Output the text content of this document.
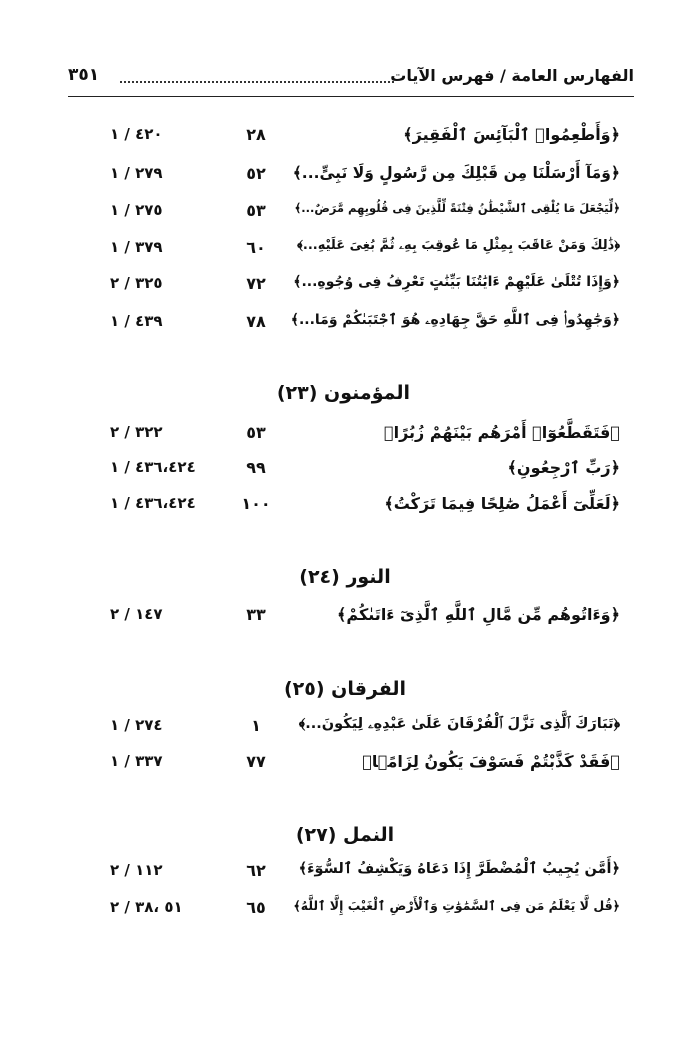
الفهارس العامة / فهرس الآيات
٣٥١
﴿وَأَطْعِمُوا۟ ٱلْبَآئِسَ ٱلْفَقِيرَ﴾
٢٨
٤٢٠ / ١
﴿وَمَآ أَرْسَلْنَا مِن قَبْلِكَ مِن رَّسُولٍ وَلَا نَبِىٍّ...﴾
٥٢
٢٧٩ / ١
﴿لِّيَجْعَلَ مَا يُلْقِى ٱلشَّيْطَٰنُ فِتْنَةً لِّلَّذِينَ فِى قُلُوبِهِم مَّرَضٌ...﴾
٥٣
٢٧٥ / ١
﴿ذَٰلِكَ وَمَنْ عَاقَبَ بِمِثْلِ مَا عُوقِبَ بِهِۦ ثُمَّ بُغِىَ عَلَيْهِ...﴾
٦٠
٣٧٩ / ١
﴿وَإِذَا تُتْلَىٰ عَلَيْهِمْ ءَايَٰتُنَا بَيِّنَٰتٍ تَعْرِفُ فِى وُجُوهِ...﴾
٧٢
٣٢٥ / ٢
﴿وَجَٰهِدُوا۟ فِى ٱللَّهِ حَقَّ جِهَادِهِۦ هُوَ ٱجْتَبَىٰكُمْ وَمَا...﴾
٧٨
٤٣٩ / ١
المؤمنون (٢٣)
﴿فَتَقَطَّعُوٓا۟ أَمْرَهُم بَيْنَهُمْ زُبُرًا﴾
٥٣
٣٢٢ / ٢
﴿رَبِّ ٱرْجِعُونِ﴾
٩٩
٤٣٦،٤٢٤ / ١
﴿لَعَلِّىٓ أَعْمَلُ صَٰلِحًا فِيمَا تَرَكْتُ﴾
١٠٠
٤٣٦،٤٢٤ / ١
النور (٢٤)
﴿وَءَاتُوهُم مِّن مَّالِ ٱللَّهِ ٱلَّذِىٓ ءَاتَىٰكُمْ﴾
٣٣
١٤٧ / ٢
الفرقان (٢٥)
﴿تَبَارَكَ ٱلَّذِى نَزَّلَ ٱلْفُرْقَانَ عَلَىٰ عَبْدِهِۦ لِيَكُونَ...﴾
١
٢٧٤ / ١
﴿فَقَدْ كَذَّبْتُمْ فَسَوْفَ يَكُونُ لِزَامًۢا﴾
٧٧
٣٣٧ / ١
النمل (٢٧)
﴿أَمَّن يُجِيبُ ٱلْمُضْطَرَّ إِذَا دَعَاهُ وَيَكْشِفُ ٱلسُّوٓءَ﴾
٦٢
١١٢ / ٢
﴿قُل لَّا يَعْلَمُ مَن فِى ٱلسَّمَٰوَٰتِ وَٱلْأَرْضِ ٱلْغَيْبَ إِلَّا ٱللَّهُ﴾
٦٥
٥١ ،٣٨ / ٢
